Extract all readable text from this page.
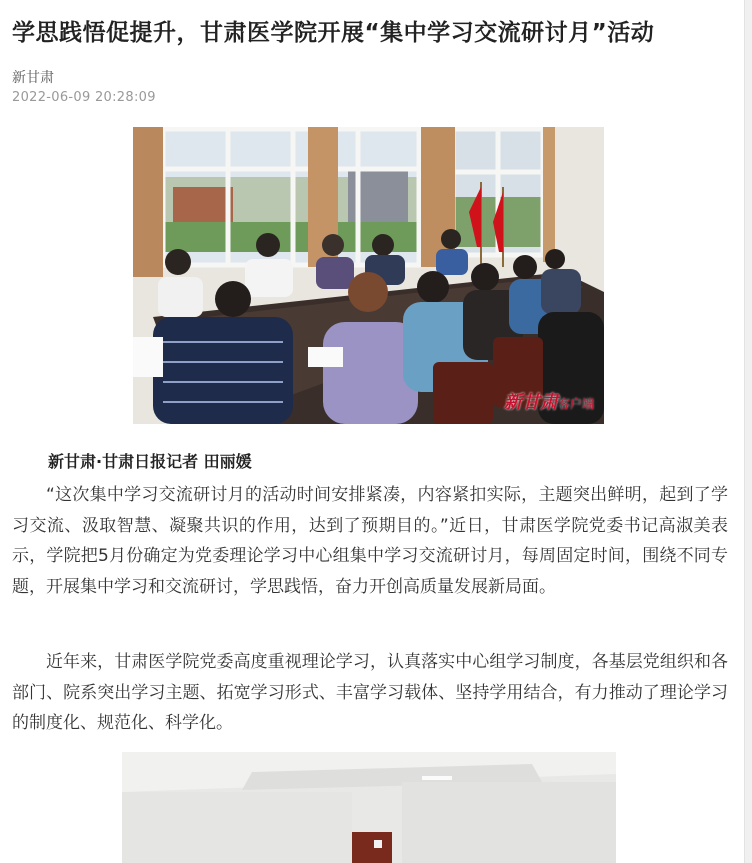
学思践悟促提升，甘肃医学院开展“集中学习交流研讨月”活动
新甘肃
2022-06-09 20:28:09
新甘肃客户端
新甘肃·甘肃日报记者 田丽媛

“这次集中学习交流研讨月的活动时间安排紧凑，内容紧扣实际，主题突出鲜明，起到了学习交流、汲取智慧、凝聚共识的作用，达到了预期目的。”近日，甘肃医学院党委书记高淑美表示，学院把5月份确定为党委理论学习中心组集中学习交流研讨月，每周固定时间，围绕不同专题，开展集中学习和交流研讨，学思践悟，奋力开创高质量发展新局面。

近年来，甘肃医学院党委高度重视理论学习，认真落实中心组学习制度，各基层党组织和各部门、院系突出学习主题、拓宽学习形式、丰富学习载体、坚持学用结合，有力推动了理论学习的制度化、规范化、科学化。
